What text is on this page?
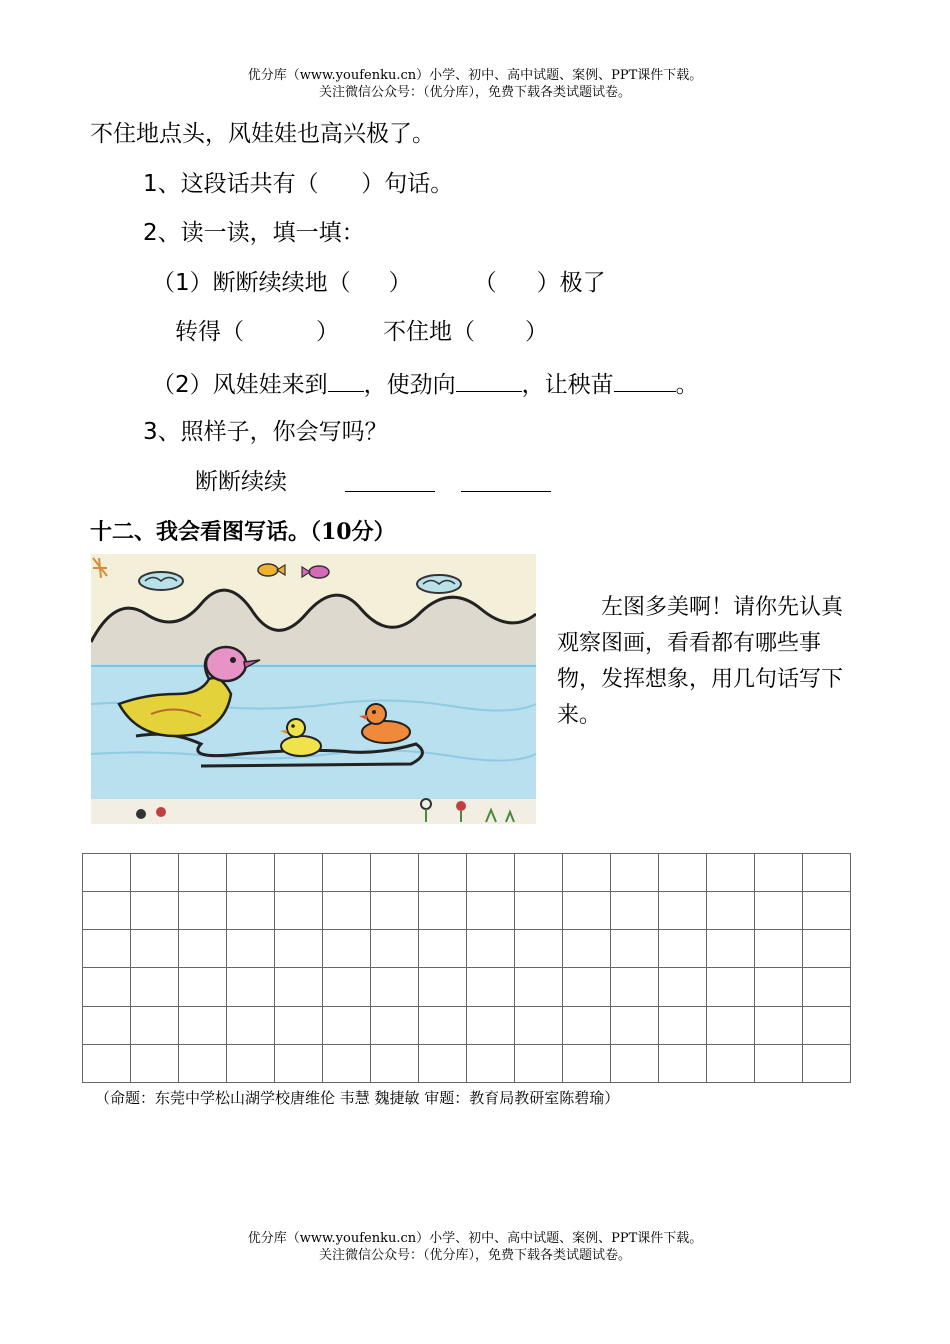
优分库（www.youfenku.cn）小学、初中、高中试题、案例、PPT课件下载。
关注微信公众号：（优分库），免费下载各类试题试卷。
不住地点头，风娃娃也高兴极了。
1、这段话共有（ ）句话。
2、读一读，填一填：
（1）断断续续地（ ）	（ ）极了
转得（	） 不住地（ ）
（2）风娃娃来到 ，使劲向	，让秧苗	。
3、照样子，你会写吗？
断断续续
十二、我会看图写话。（10分）

左图多美啊！请你先认真观察图画，看看都有哪些事物，发挥想象，用几句话写下来。

（命题：东莞中学松山湖学校唐维伦 韦慧 魏捷敏 审题：教育局教研室陈碧瑜）
优分库（www.youfenku.cn）小学、初中、高中试题、案例、PPT课件下载。
关注微信公众号：（优分库），免费下载各类试题试卷。
